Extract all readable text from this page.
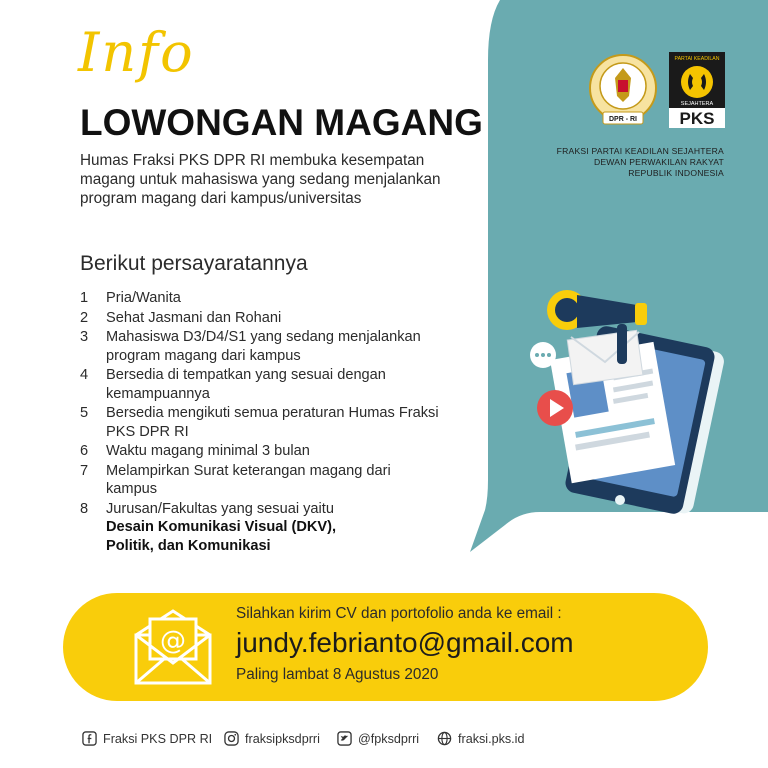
Info
LOWONGAN MAGANG
Humas Fraksi PKS DPR RI membuka kesempatan magang untuk mahasiswa yang sedang menjalankan program magang dari kampus/universitas
Berikut persayaratannya
1 Pria/Wanita
2 Sehat Jasmani dan Rohani
3 Mahasiswa D3/D4/S1 yang sedang menjalankan program magang dari kampus
4 Bersedia di tempatkan yang sesuai dengan kemampuannya
5 Bersedia mengikuti semua peraturan Humas Fraksi PKS DPR RI
6 Waktu magang minimal 3 bulan
7 Melampirkan Surat keterangan magang dari kampus
8 Jurusan/Fakultas yang sesuai yaitu
Desain Komunikasi Visual (DKV),
Politik, dan Komunikasi
DPR - RI
PARTAI KEADILAN
SEJAHTERA
PKS
FRAKSI PARTAI KEADILAN SEJAHTERA
DEWAN PERWAKILAN RAKYAT
REPUBLIK INDONESIA
@
Silahkan kirim CV dan portofolio anda ke email :
jundy.febrianto@gmail.com
Paling lambat 8 Agustus 2020
Fraksi PKS DPR RI	fraksipksdprri	@fpksdprri	fraksi.pks.id
